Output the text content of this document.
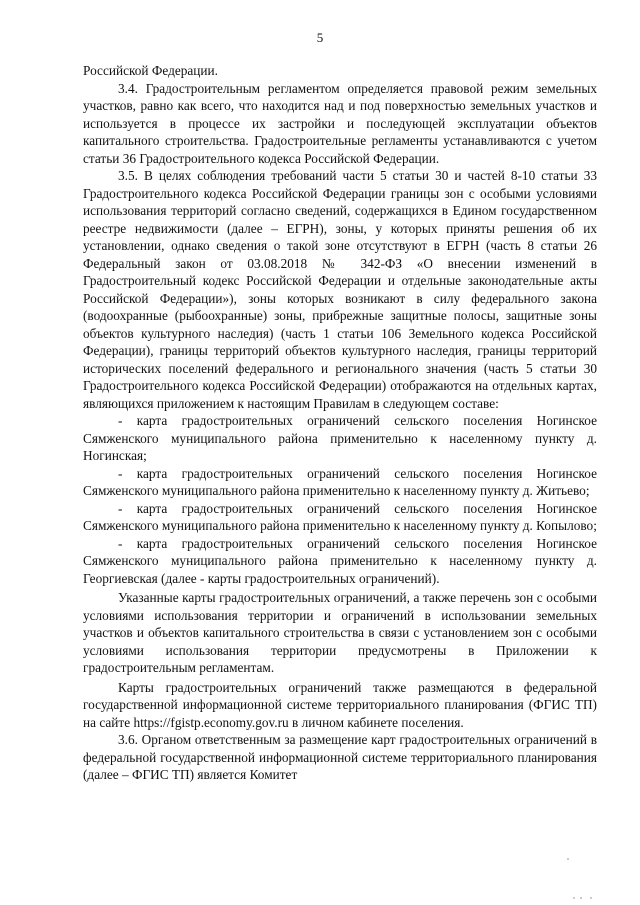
5

Российской Федерации.

3.4. Градостроительным регламентом определяется правовой режим земельных участков, равно как всего, что находится над и под поверхностью земельных участков и используется в процессе их застройки и последующей эксплуатации объектов капитального строительства. Градостроительные регламенты устанавливаются с учетом статьи 36 Градостроительного кодекса Российской Федерации.

3.5. В целях соблюдения требований части 5 статьи 30 и частей 8-10 статьи 33 Градостроительного кодекса Российской Федерации границы зон с особыми условиями использования территорий согласно сведений, содержащихся в Едином государственном реестре недвижимости (далее – ЕГРН), зоны, у которых приняты решения об их установлении, однако сведения о такой зоне отсутствуют в ЕГРН (часть 8 статьи 26 Федеральный закон от 03.08.2018 № 342-ФЗ «О внесении изменений в Градостроительный кодекс Российской Федерации и отдельные законодательные акты Российской Федерации»), зоны которых возникают в силу федерального закона (водоохранные (рыбоохранные) зоны, прибрежные защитные полосы, защитные зоны объектов культурного наследия) (часть 1 статьи 106 Земельного кодекса Российской Федерации), границы территорий объектов культурного наследия, границы территорий исторических поселений федерального и регионального значения (часть 5 статьи 30 Градостроительного кодекса Российской Федерации) отображаются на отдельных картах, являющихся приложением к настоящим Правилам в следующем составе:

- карта градостроительных ограничений сельского поселения Ногинское Сямженского муниципального района применительно к населенному пункту д. Ногинская;

- карта градостроительных ограничений сельского поселения Ногинское Сямженского муниципального района применительно к населенному пункту д. Житьево;

- карта градостроительных ограничений сельского поселения Ногинское Сямженского муниципального района применительно к населенному пункту д. Копылово;

- карта градостроительных ограничений сельского поселения Ногинское Сямженского муниципального района применительно к населенному пункту д. Георгиевская (далее - карты градостроительных ограничений).

Указанные карты градостроительных ограничений, а также перечень зон с особыми условиями использования территории и ограничений в использовании земельных участков и объектов капитального строительства в связи с установлением зон с особыми условиями использования территории предусмотрены в Приложении к градостроительным регламентам.

Карты градостроительных ограничений также размещаются в федеральной государственной информационной системе территориального планирования (ФГИС ТП) на сайте https://fgistp.economy.gov.ru в личном кабинете поселения.

3.6. Органом ответственным за размещение карт градостроительных ограничений в федеральной государственной информационной системе территориального планирования (далее – ФГИС ТП) является Комитет
